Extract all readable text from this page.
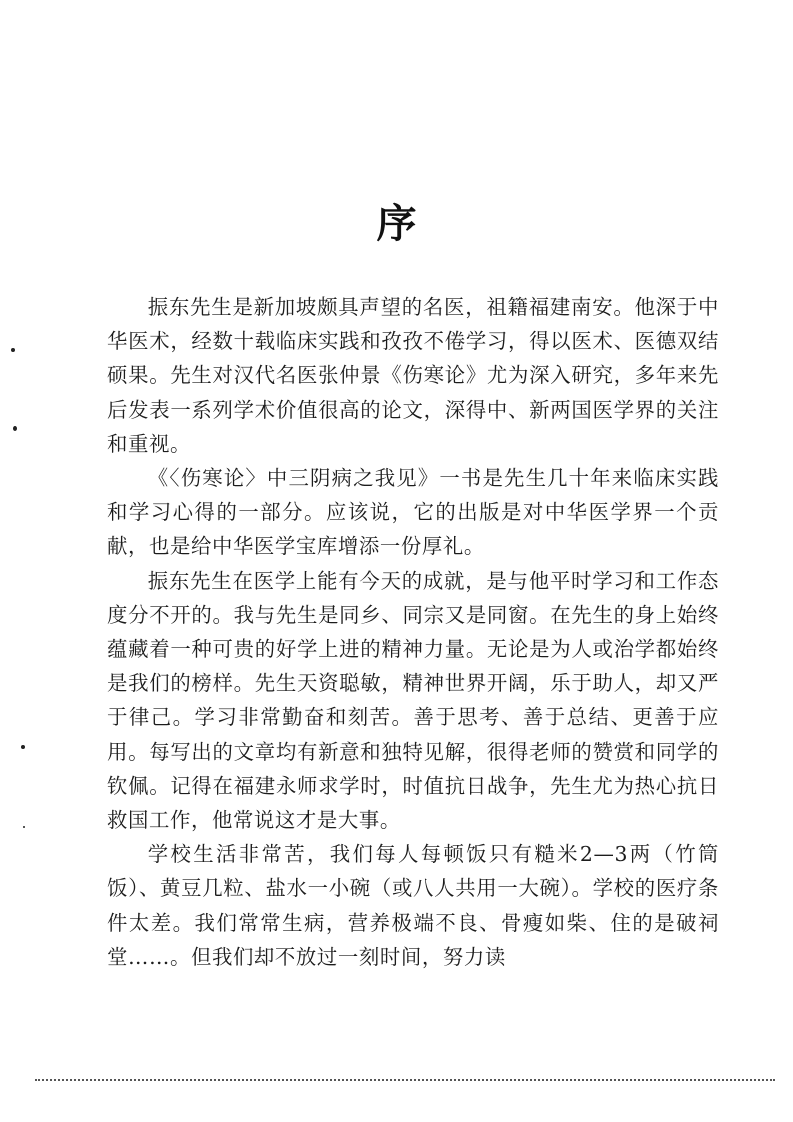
序

振东先生是新加坡颇具声望的名医，祖籍福建南安。他深于中华医术，经数十载临床实践和孜孜不倦学习，得以医术、医德双结硕果。先生对汉代名医张仲景《伤寒论》尤为深入研究，多年来先后发表一系列学术价值很高的论文，深得中、新两国医学界的关注和重视。

《〈伤寒论〉中三阴病之我见》一书是先生几十年来临床实践和学习心得的一部分。应该说，它的出版是对中华医学界一个贡献，也是给中华医学宝库增添一份厚礼。

振东先生在医学上能有今天的成就，是与他平时学习和工作态度分不开的。我与先生是同乡、同宗又是同窗。在先生的身上始终蕴藏着一种可贵的好学上进的精神力量。无论是为人或治学都始终是我们的榜样。先生天资聪敏，精神世界开阔，乐于助人，却又严于律己。学习非常勤奋和刻苦。善于思考、善于总结、更善于应用。每写出的文章均有新意和独特见解，很得老师的赞赏和同学的钦佩。记得在福建永师求学时，时值抗日战争，先生尤为热心抗日救国工作，他常说这才是大事。

学校生活非常苦，我们每人每顿饭只有糙米2—3两（竹筒饭）、黄豆几粒、盐水一小碗（或八人共用一大碗）。学校的医疗条件太差。我们常常生病，营养极端不良、骨瘦如柴、住的是破祠堂……。但我们却不放过一刻时间，努力读
